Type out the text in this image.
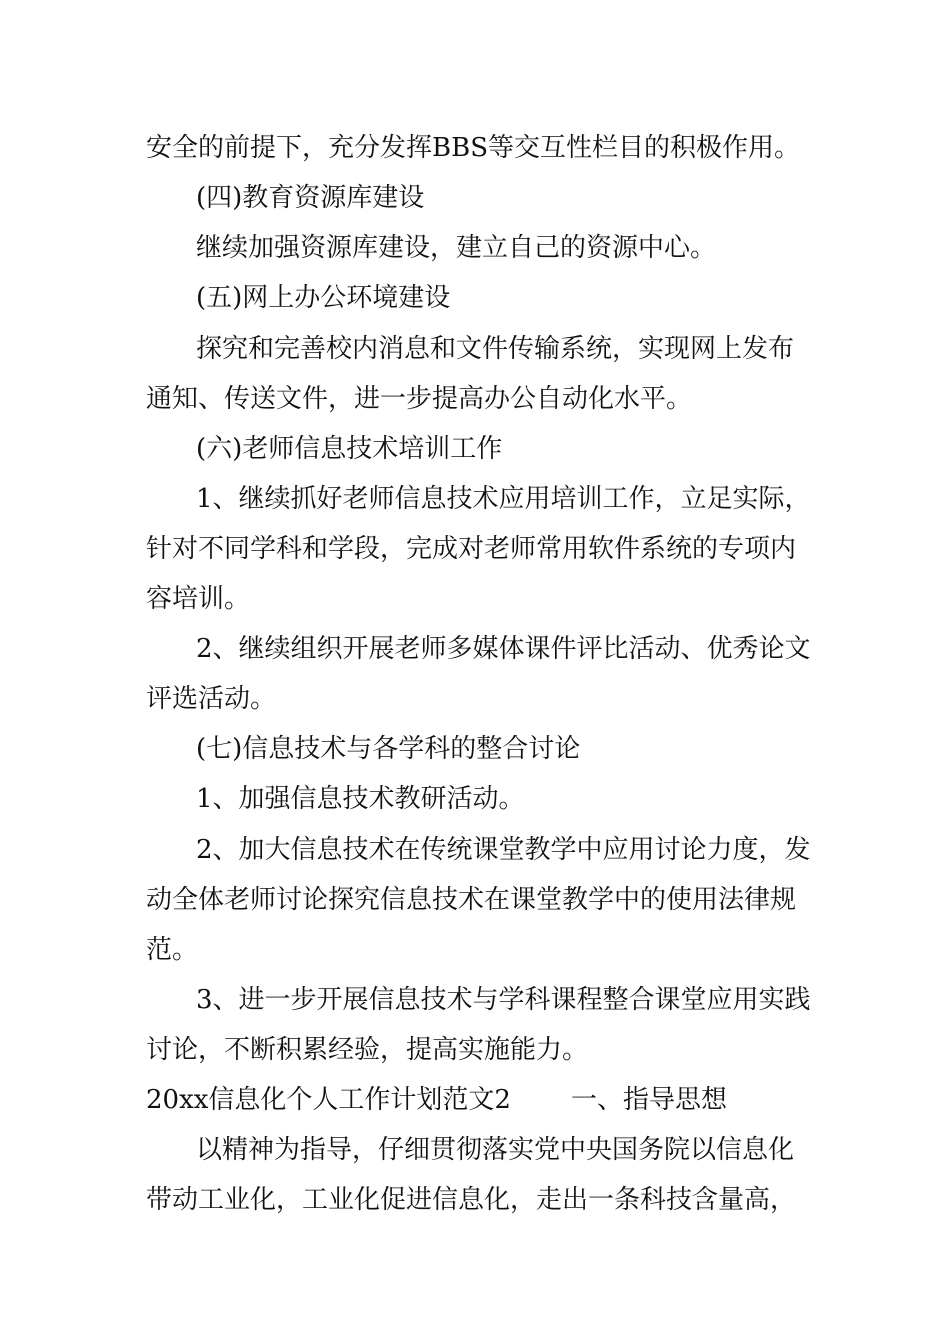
安全的前提下，充分发挥BBS等交互性栏目的积极作用。
(四)教育资源库建设
继续加强资源库建设，建立自己的资源中心。
(五)网上办公环境建设
探究和完善校内消息和文件传输系统，实现网上发布
通知、传送文件，进一步提高办公自动化水平。
(六)老师信息技术培训工作
1、继续抓好老师信息技术应用培训工作，立足实际，
针对不同学科和学段，完成对老师常用软件系统的专项内
容培训。
2、继续组织开展老师多媒体课件评比活动、优秀论文
评选活动。
(七)信息技术与各学科的整合讨论
1、加强信息技术教研活动。
2、加大信息技术在传统课堂教学中应用讨论力度，发
动全体老师讨论探究信息技术在课堂教学中的使用法律规
范。
3、进一步开展信息技术与学科课程整合课堂应用实践
讨论，不断积累经验，提高实施能力。
20xx信息化个人工作计划范文2 一、指导思想
以精神为指导，仔细贯彻落实党中央国务院以信息化
带动工业化，工业化促进信息化，走出一条科技含量高，
